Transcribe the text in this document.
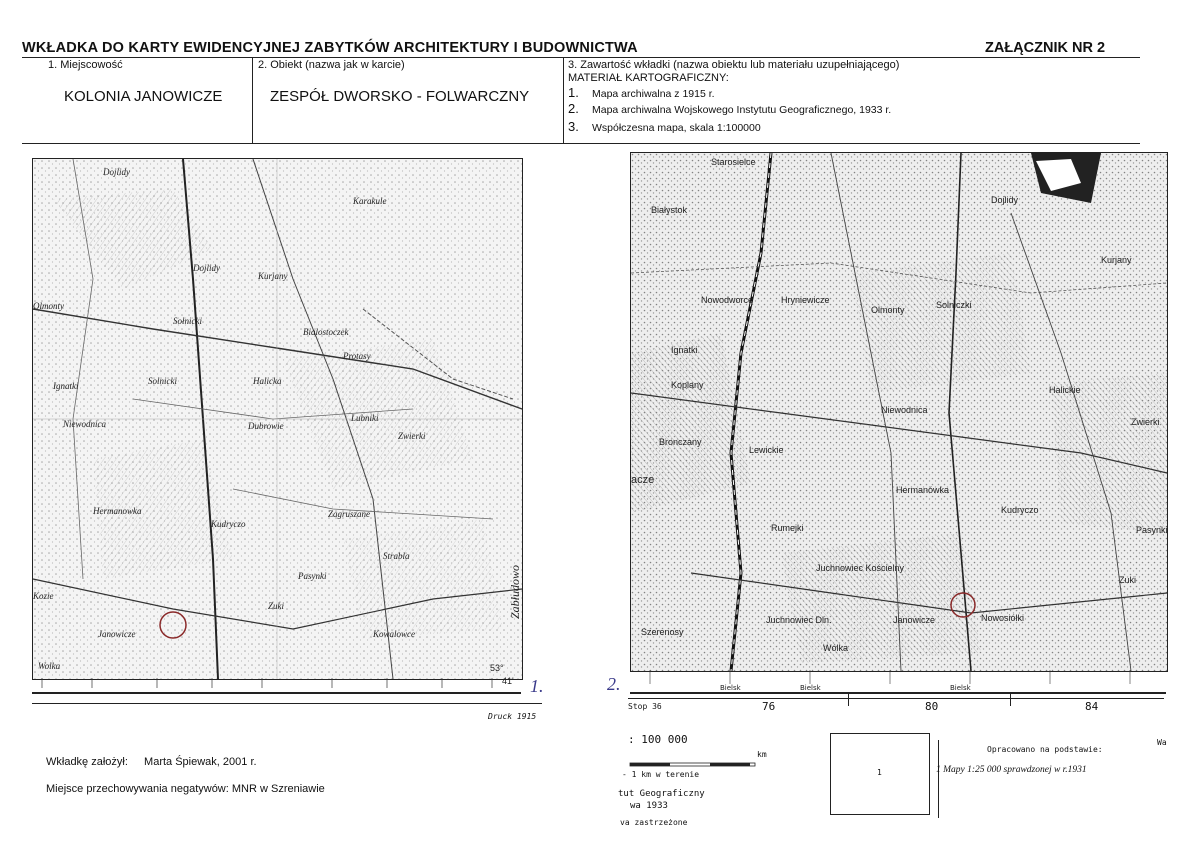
WKŁADKA DO KARTY EWIDENCYJNEJ ZABYTKÓW ARCHITEKTURY I BUDOWNICTWA	ZAŁĄCZNIK NR 2
1. Miejscowość
KOLONIA JANOWICZE
2. Obiekt (nazwa jak w karcie)
ZESPÓŁ DWORSKO - FOLWARCZNY
3. Zawartość wkładki (nazwa obiektu lub materiału uzupełniającego)
MATERIAŁ KARTOGRAFICZNY:
1. Mapa archiwalna z 1915 r.
2. Mapa archiwalna Wojskowego Instytutu Geograficznego, 1933 r.
3. Współczesna mapa, skala 1:100000
Dojlidy
Dojlidy
Kurjany
Bialostoczek
Solnicki	Halicka
Zwierki
Lubniki
Hermanowka
Kudryczo
Zagruszane
Pasynki
Zuki
Kowalowce
Janowicze
Wolka
Niewodnica
Olmonty
Karakule
Sołnicki
Protasy
Dubrowie
Strabla
Kozie
Ignatki
Zabłudowo
53°
41' 1.
Druck 1915
Starosielce
Dojlidy
Białystok
Nowodworce	Hryniewicze
Olmonty
Kurjany
Koplany	Halickie
Zwierki
Bronczany
Lewickie
Hermanówka
Kudryczo
Juchnowiec Kościelny
Juchnowiec Dln.	Janowicze	Nowosiółki
Szerenosy
Zuki
Wólka
Ignatki
Rumejki
Solniczki
Niewodnica
Pasynki
acze
Bielsk	Bielsk	Bielsk
2.
Stop 36	76	80	84
: 100 000
km
- 1 km w terenie
tut Geograficzny
wa 1933
va zastrzeżone
1
Opracowano na podstawie:
1 Mapy 1:25 000 sprawdzonej w r.1931
Wa
Wkładkę założył: Marta Śpiewak, 2001 r.
Miejsce przechowywania negatywów: MNR w Szreniawie
